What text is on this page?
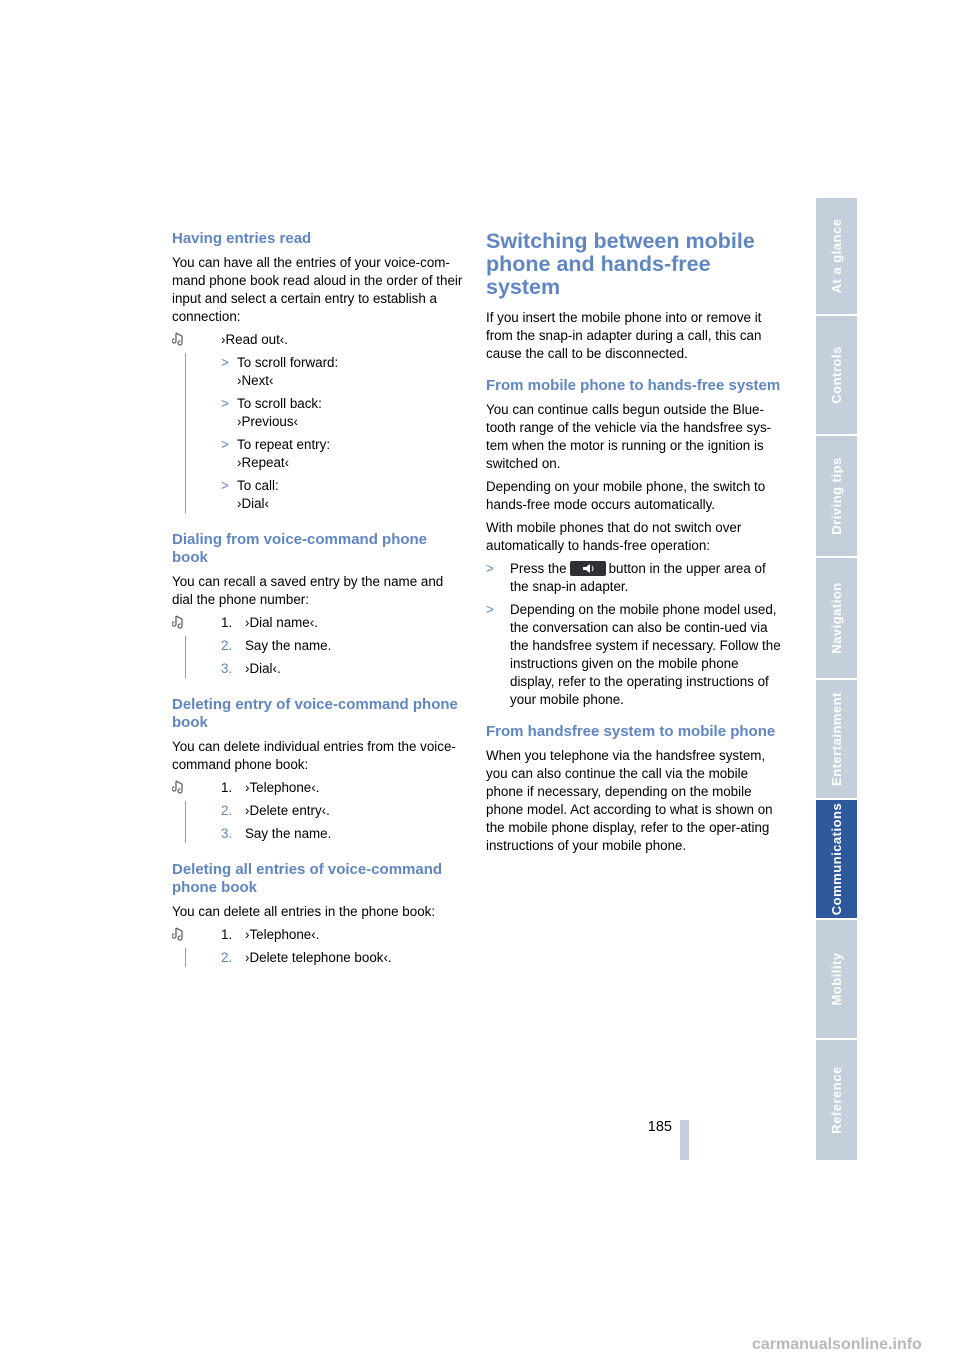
Having entries read

You can have all the entries of your voice-com-mand phone book read aloud in the order of their input and select a certain entry to establish a connection:

›Read out‹.

> To scroll forward:
›Next‹
> To scroll back:
›Previous‹
> To repeat entry:
›Repeat‹
> To call:
›Dial‹
Dialing from voice-command phone book

You can recall a saved entry by the name and dial the phone number:

1. ›Dial name‹.
2. Say the name.
3. ›Dial‹.
Deleting entry of voice-command phone book

You can delete individual entries from the voice-command phone book:

1. ›Telephone‹.
2. ›Delete entry‹.
3. Say the name.
Deleting all entries of voice-command phone book

You can delete all entries in the phone book:

1. ›Telephone‹.
2. ›Delete telephone book‹.
Switching between mobile phone and hands-free system

If you insert the mobile phone into or remove it from the snap-in adapter during a call, this can cause the call to be disconnected.

From mobile phone to hands-free system

You can continue calls begun outside the Blue-tooth range of the vehicle via the handsfree sys-tem when the motor is running or the ignition is switched on.

Depending on your mobile phone, the switch to hands-free mode occurs automatically.

With mobile phones that do not switch over automatically to hands-free operation:

> Press the	button in the upper area of the snap-in adapter.
> Depending on the mobile phone model used, the conversation can also be contin-ued via the handsfree system if necessary. Follow the instructions given on the mobile phone display, refer to the operating instructions of your mobile phone.
From handsfree system to mobile phone

When you telephone via the handsfree system, you can also continue the call via the mobile phone if necessary, depending on the mobile phone model. Act according to what is shown on the mobile phone display, refer to the oper-ating instructions of your mobile phone.

At a glance
Controls
Driving tips
Navigation
Entertainment
Communications
Mobility
Reference
185
carmanualsonline.info
